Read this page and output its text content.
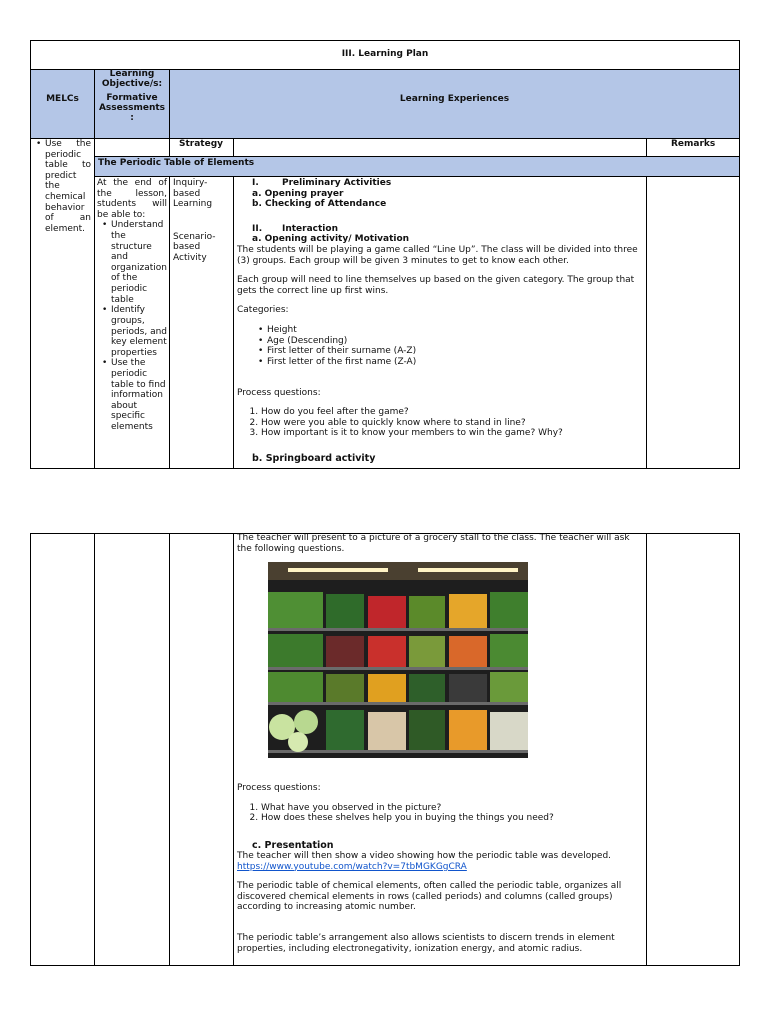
III. Learning Plan
MELCs
Learning
Objective/s:
Formative
Assessments
:
Learning Experiences
Strategy	Remarks
The Periodic Table of Elements
• Use the periodic table to predict the chemical behavior of an element.

At the end of the lesson, students will be able to:

• Understand the structure and organization of the periodic table
• Identify groups, periods, and key element properties
• Use the periodic table to find information about specific elements
Inquiry-based Learning
Scenario-based Activity
I.	Preliminary Activities
a. Opening prayer
b. Checking of Attendance
II. Interaction
a. Opening activity/ Motivation

The students will be playing a game called “Line Up”. The class will be divided into three (3) groups. Each group will be given 3 minutes to get to know each other.

Each group will need to line themselves up based on the given category. The group that gets the correct line up first wins.

Categories:

• Height
• Age (Descending)
• First letter of their surname (A-Z)
• First letter of the first name (Z-A)

Process questions:

1. How do you feel after the game?
2. How were you able to quickly know where to stand in line?
3. How important is it to know your members to win the game? Why?
b. Springboard activity
The teacher will present to a picture of a grocery stall to the class. The teacher will ask the following questions.

Process questions:

1. What have you observed in the picture?
2. How does these shelves help you in buying the things you need?
c. Presentation

The teacher will then show a video showing how the periodic table was developed.

https://www.youtube.com/watch?v=7tbMGKGgCRA

The periodic table of chemical elements, often called the periodic table, organizes all discovered chemical elements in rows (called periods) and columns (called groups) according to increasing atomic number.

The periodic table’s arrangement also allows scientists to discern trends in element properties, including electronegativity, ionization energy, and atomic radius.
